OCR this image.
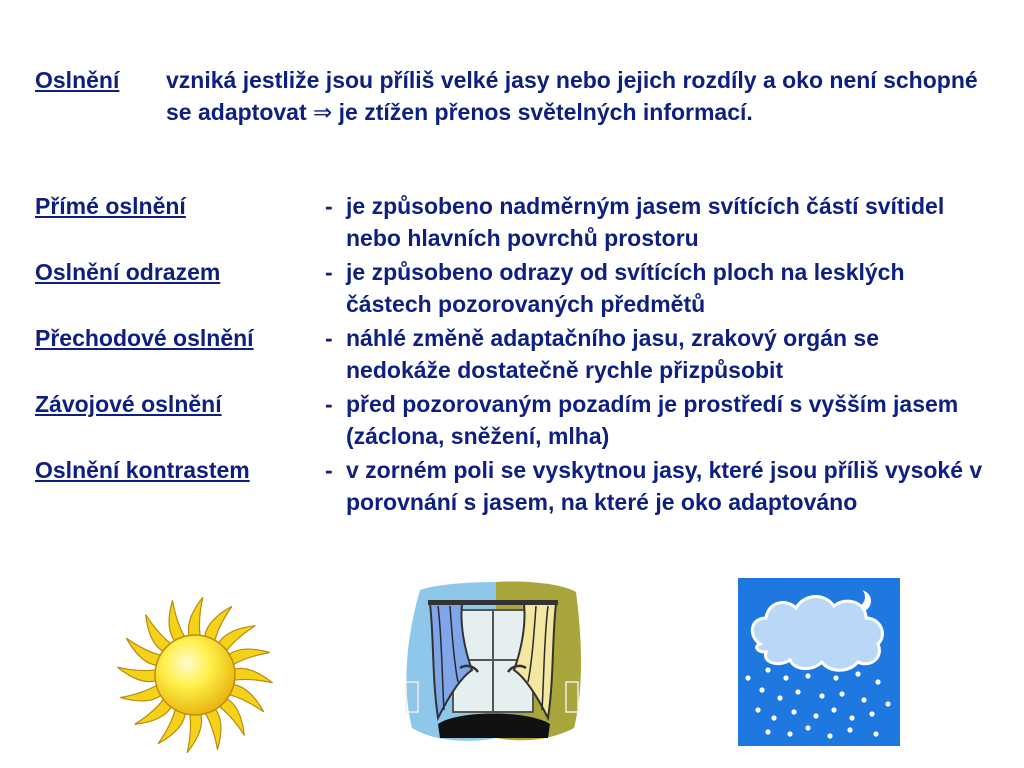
Oslnění vzniká jestliže jsou příliš velké jasy nebo jejich rozdíly a oko není schopné se adaptovat ⇒ je ztížen přenos světelných informací.
Přímé oslnění	- je způsobeno nadměrným jasem svítících částí svítidel nebo hlavních povrchů prostoru
Oslnění odrazem	- je způsobeno odrazy od svítících ploch na lesklých částech pozorovaných předmětů
Přechodové oslnění	- náhlé změně adaptačního jasu, zrakový orgán se nedokáže dostatečně rychle přizpůsobit
Závojové oslnění	- před pozorovaným pozadím je prostředí s vyšším jasem (záclona, sněžení, mlha)
Oslnění kontrastem	- v zorném poli se vyskytnou jasy, které jsou příliš vysoké v porovnání s jasem, na které je oko adaptováno
